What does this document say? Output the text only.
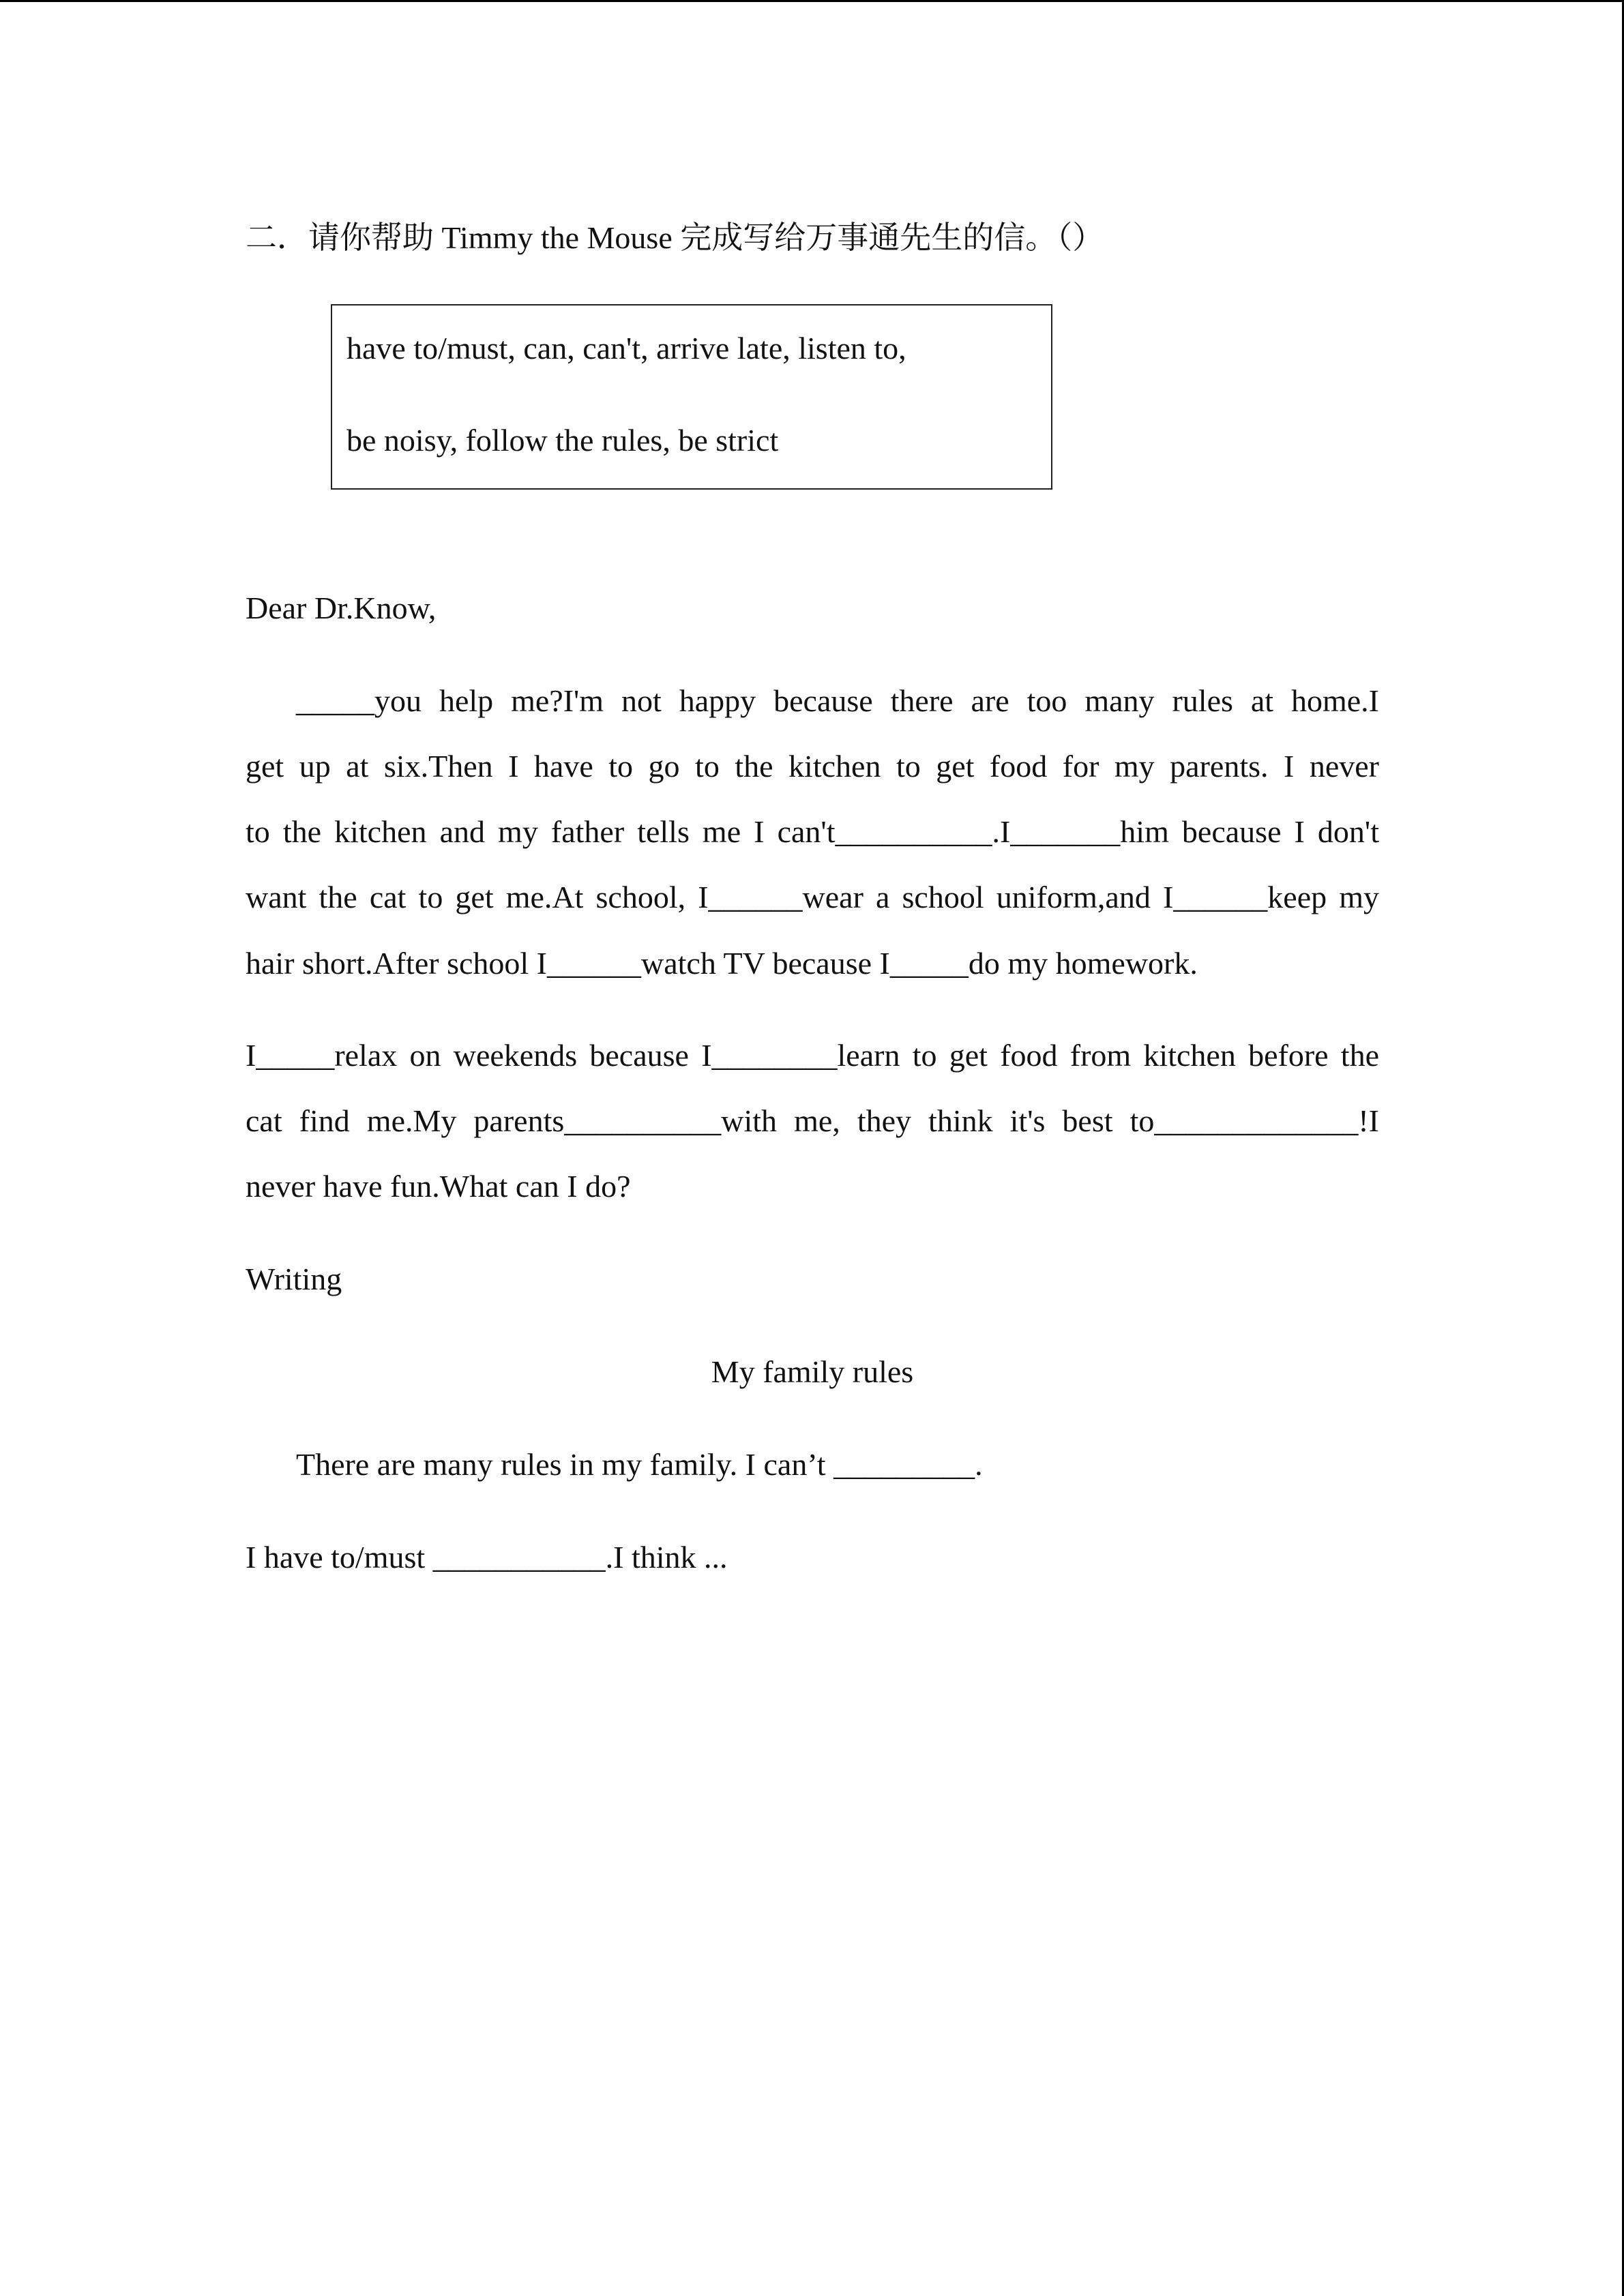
二．请你帮助 Timmy the Mouse 完成写给万事通先生的信。（）
have to/must, can, can't, arrive late, listen to,
be noisy, follow the rules, be strict
Dear Dr.Know,
_____you help me?I'm not happy because there are too many rules at home.I
get up at six.Then I have to go to the kitchen to get food for my parents. I never
to the kitchen and my father tells me I can't__________.I_______him because I don't
want the cat to get me.At school, I______wear a school uniform,and I______keep my
hair short.After school I______watch TV because I_____do my homework.
I_____relax on weekends because I________learn to get food from kitchen before the
cat find me.My parents__________with me, they think it's best to_____________!I
never have fun.What can I do?
Writing
My family rules
There are many rules in my family. I can’t _________.
I have to/must ___________.I think ...
